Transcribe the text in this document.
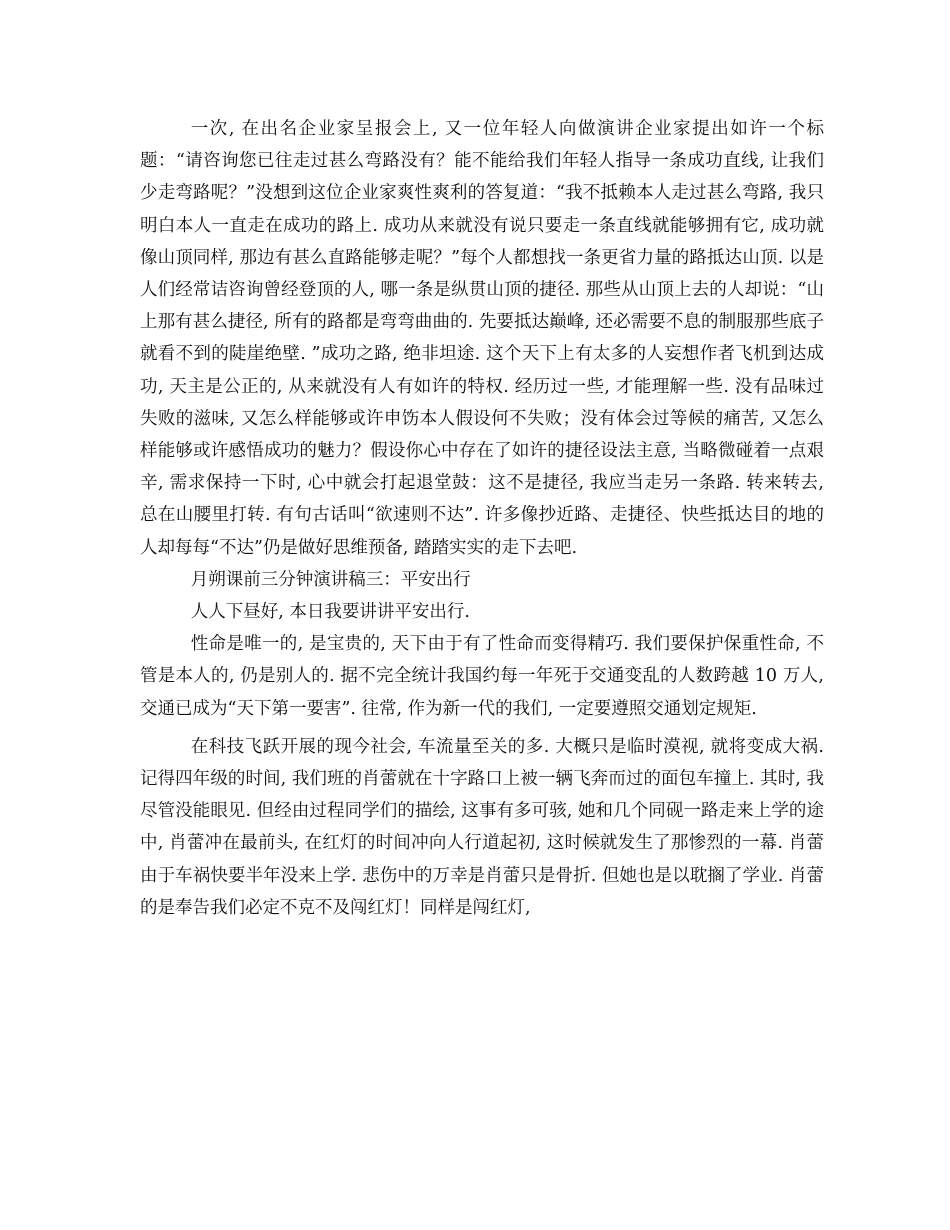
一次, 在出名企业家呈报会上, 又一位年轻人向做演讲企业家提出如许一个标题：“请咨询您已往走过甚么弯路没有？能不能给我们年轻人指导一条成功直线, 让我们少走弯路呢？”没想到这位企业家爽性爽利的答复道：“我不抵赖本人走过甚么弯路, 我只明白本人一直走在成功的路上. 成功从来就没有说只要走一条直线就能够拥有它, 成功就像山顶同样, 那边有甚么直路能够走呢？”每个人都想找一条更省力量的路抵达山顶. 以是人们经常诘咨询曾经登顶的人, 哪一条是纵贯山顶的捷径. 那些从山顶上去的人却说：“山上那有甚么捷径, 所有的路都是弯弯曲曲的. 先要抵达巅峰, 还必需要不息的制服那些底子就看不到的陡崖绝壁. ”成功之路, 绝非坦途. 这个天下上有太多的人妄想作者飞机到达成功, 天主是公正的, 从来就没有人有如许的特权. 经历过一些, 才能理解一些. 没有品味过失败的滋味, 又怎么样能够或许申饬本人假设何不失败；没有体会过等候的痛苦, 又怎么样能够或许感悟成功的魅力？假设你心中存在了如许的捷径设法主意, 当略微碰着一点艰辛, 需求保持一下时, 心中就会打起退堂鼓：这不是捷径, 我应当走另一条路. 转来转去, 总在山腰里打转. 有句古话叫“欲速则不达”. 许多像抄近路、走捷径、快些抵达目的地的人却每每“不达”仍是做好思维预备, 踏踏实实的走下去吧.

月朔课前三分钟演讲稿三：平安出行

人人下昼好, 本日我要讲讲平安出行.

性命是唯一的, 是宝贵的, 天下由于有了性命而变得精巧. 我们要保护保重性命, 不管是本人的, 仍是别人的. 据不完全统计我国约每一年死于交通变乱的人数跨越 10 万人, 交通已成为“天下第一要害”. 往常, 作为新一代的我们, 一定要遵照交通划定规矩.

在科技飞跃开展的现今社会, 车流量至关的多. 大概只是临时漠视, 就将变成大祸. 记得四年级的时间, 我们班的肖蕾就在十字路口上被一辆飞奔而过的面包车撞上. 其时, 我尽管没能眼见. 但经由过程同学们的描绘, 这事有多可骇, 她和几个同砚一路走来上学的途中, 肖蕾冲在最前头, 在红灯的时间冲向人行道起初, 这时候就发生了那惨烈的一幕. 肖蕾由于车祸快要半年没来上学. 悲伤中的万幸是肖蕾只是骨折. 但她也是以耽搁了学业. 肖蕾的是奉告我们必定不克不及闯红灯！同样是闯红灯,
